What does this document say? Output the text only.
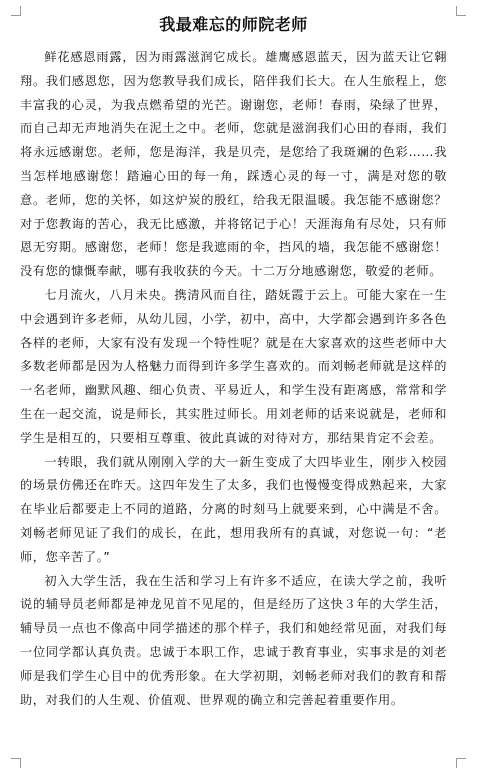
我最难忘的师院老师

鲜花感恩雨露，因为雨露滋润它成长。雄鹰感恩蓝天，因为蓝天让它翱翔。我们感恩您，因为您教导我们成长，陪伴我们长大。在人生旅程上，您丰富我的心灵，为我点燃希望的光芒。谢谢您，老师！春雨，染绿了世界，而自己却无声地消失在泥土之中。老师，您就是滋润我们心田的春雨，我们将永远感谢您。老师，您是海洋，我是贝壳，是您给了我斑斓的色彩……我当怎样地感谢您！踏遍心田的每一角，踩透心灵的每一寸，满是对您的敬意。老师，您的关怀，如这炉炭的殷红，给我无限温暖。我怎能不感谢您？对于您教诲的苦心，我无比感激，并将铭记于心！天涯海角有尽处，只有师恩无穷期。感谢您，老师！您是我遮雨的伞，挡风的墙，我怎能不感谢您！没有您的慷慨奉献，哪有我收获的今天。十二万分地感谢您，敬爱的老师。

七月流火，八月未央。携清风而自往，踏妩霞于云上。可能大家在一生中会遇到许多老师，从幼儿园，小学，初中，高中，大学都会遇到许多各色各样的老师，大家有没有发现一个特性呢？就是在大家喜欢的这些老师中大多数老师都是因为人格魅力而得到许多学生喜欢的。而刘畅老师就是这样的一名老师，幽默风趣、细心负责、平易近人，和学生没有距离感，常常和学生在一起交流，说是师长，其实胜过师长。用刘老师的话来说就是，老师和学生是相互的，只要相互尊重、彼此真诚的对待对方，那结果肯定不会差。

一转眼，我们就从刚刚入学的大一新生变成了大四毕业生，刚步入校园的场景仿佛还在昨天。这四年发生了太多，我们也慢慢变得成熟起来，大家在毕业后都要走上不同的道路，分离的时刻马上就要来到，心中满是不舍。刘畅老师见证了我们的成长，在此，想用我所有的真诚，对您说一句：“老师，您辛苦了。”

初入大学生活，我在生活和学习上有许多不适应，在读大学之前，我听说的辅导员老师都是神龙见首不见尾的，但是经历了这快３年的大学生活，辅导员一点也不像高中同学描述的那个样子，我们和她经常见面，对我们每一位同学都认真负责。忠诚于本职工作，忠诚于教育事业，实事求是的刘老师是我们学生心目中的优秀形象。在大学初期，刘畅老师对我们的教育和帮助，对我们的人生观、价值观、世界观的确立和完善起着重要作用。
